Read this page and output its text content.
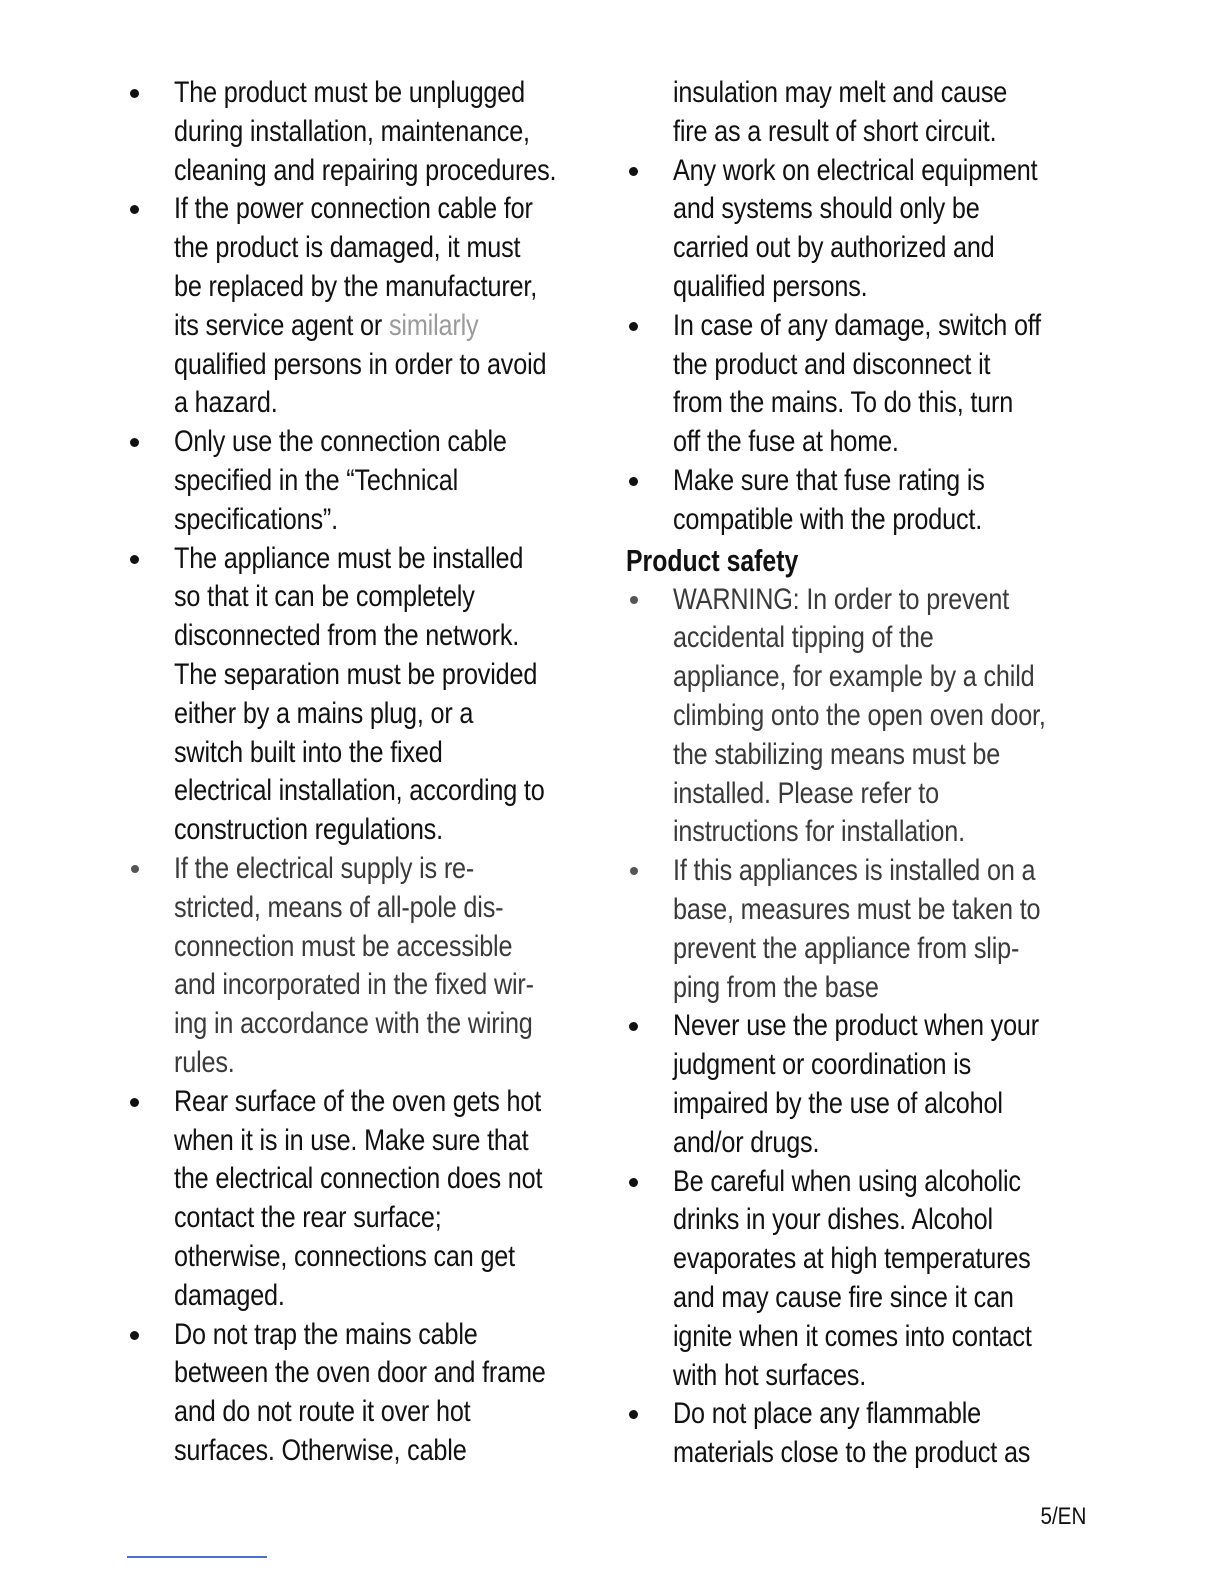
The product must be unplugged
during installation, maintenance,
cleaning and repairing procedures.
If the power connection cable for
the product is damaged, it must
be replaced by the manufacturer,
its service agent or similarly
qualified persons in order to avoid
a hazard.
Only use the connection cable
specified in the “Technical
specifications”.
The appliance must be installed
so that it can be completely
disconnected from the network.
The separation must be provided
either by a mains plug, or a
switch built into the fixed
electrical installation, according to
construction regulations.
If the electrical supply is re-
stricted, means of all-pole dis-
connection must be accessible
and incorporated in the fixed wir-
ing in accordance with the wiring
rules.
Rear surface of the oven gets hot
when it is in use. Make sure that
the electrical connection does not
contact the rear surface;
otherwise, connections can get
damaged.
Do not trap the mains cable
between the oven door and frame
and do not route it over hot
surfaces. Otherwise, cable
insulation may melt and cause
fire as a result of short circuit.
Any work on electrical equipment
and systems should only be
carried out by authorized and
qualified persons.
In case of any damage, switch off
the product and disconnect it
from the mains. To do this, turn
off the fuse at home.
Make sure that fuse rating is
compatible with the product.
Product safety
WARNING: In order to prevent
accidental tipping of the
appliance, for example by a child
climbing onto the open oven door,
the stabilizing means must be
installed. Please refer to
instructions for installation.
If this appliances is installed on a
base, measures must be taken to
prevent the appliance from slip-
ping from the base
Never use the product when your
judgment or coordination is
impaired by the use of alcohol
and/or drugs.
Be careful when using alcoholic
drinks in your dishes. Alcohol
evaporates at high temperatures
and may cause fire since it can
ignite when it comes into contact
with hot surfaces.
Do not place any flammable
materials close to the product as
5/EN
